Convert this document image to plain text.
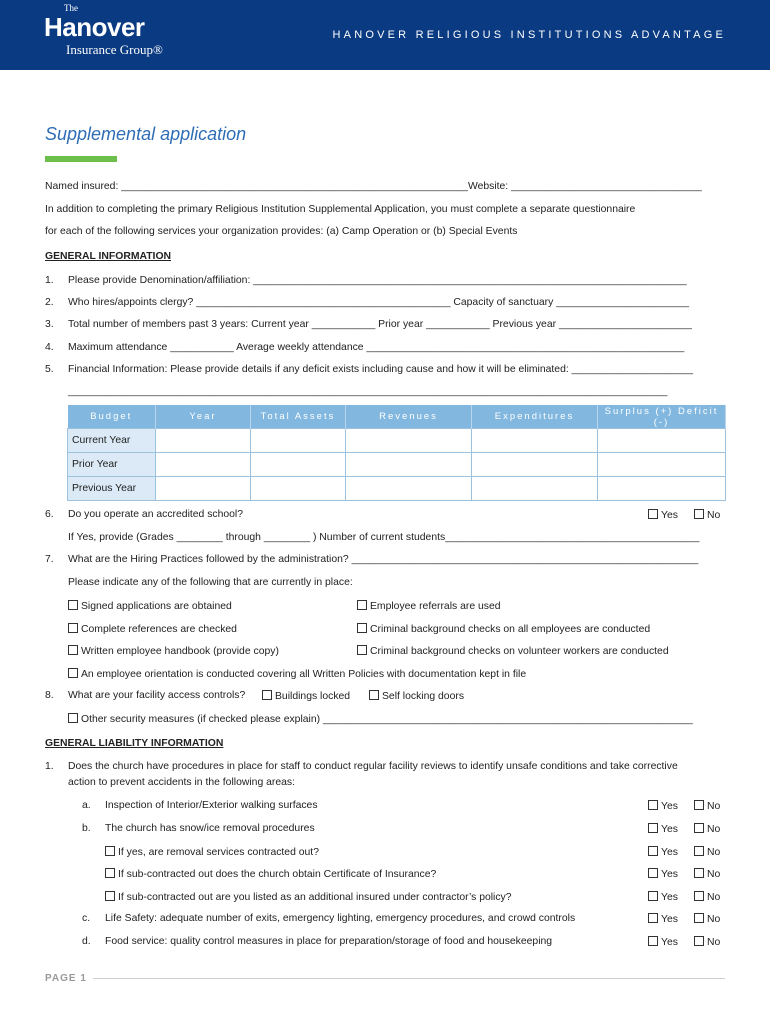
The
Hanover
Insurance Group®
HANOVER RELIGIOUS INSTITUTIONS ADVANTAGE
Supplemental application
Named insured: ____________________________________________________________Website: _________________________________
In addition to completing the primary Religious Institution Supplemental Application, you must complete a separate questionnaire
for each of the following services your organization provides: (a) Camp Operation or (b) Special Events
GENERAL INFORMATION
1. Please provide Denomination/affiliation: ___________________________________________________________________________
2. Who hires/appoints clergy? ____________________________________________ Capacity of sanctuary _______________________
3. Total number of members past 3 years: Current year ___________ Prior year ___________ Previous year _______________________
4. Maximum attendance ___________ Average weekly attendance _______________________________________________________
5. Financial Information: Please provide details if any deficit exists including cause and how it will be eliminated: _____________________
______________________________________________________________________________________________________________
Budget	Year	Total Assets	Revenues	Expenditures	Surplus (+) Deficit (-)
Current Year					
Prior Year					
Previous Year					
6. Do you operate an accredited school?	Yes	No
If Yes, provide (Grades ________ through ________ ) Number of current students____________________________________________
7. What are the Hiring Practices followed by the administration? ____________________________________________________________
Please indicate any of the following that are currently in place:
Signed applications are obtained	Employee referrals are used
Complete references are checked	Criminal background checks on all employees are conducted
Written employee handbook (provide copy)	Criminal background checks on volunteer workers are conducted
An employee orientation is conducted covering all Written Policies with documentation kept in file
8. What are your facility access controls?	Buildings locked	Self locking doors
Other security measures (if checked please explain) ________________________________________________________________
GENERAL LIABILITY INFORMATION
1. Does the church have procedures in place for staff to conduct regular facility reviews to identify unsafe conditions and take corrective
action to prevent accidents in the following areas:
a. Inspection of Interior/Exterior walking surfaces	Yes	No
b. The church has snow/ice removal procedures	Yes	No
If yes, are removal services contracted out?	Yes	No
If sub-contracted out does the church obtain Certificate of Insurance?	Yes	No
If sub-contracted out are you listed as an additional insured under contractor’s policy?	Yes	No
c. Life Safety: adequate number of exits, emergency lighting, emergency procedures, and crowd controls	Yes	No
d. Food service: quality control measures in place for preparation/storage of food and housekeeping	Yes	No
PAGE 1
